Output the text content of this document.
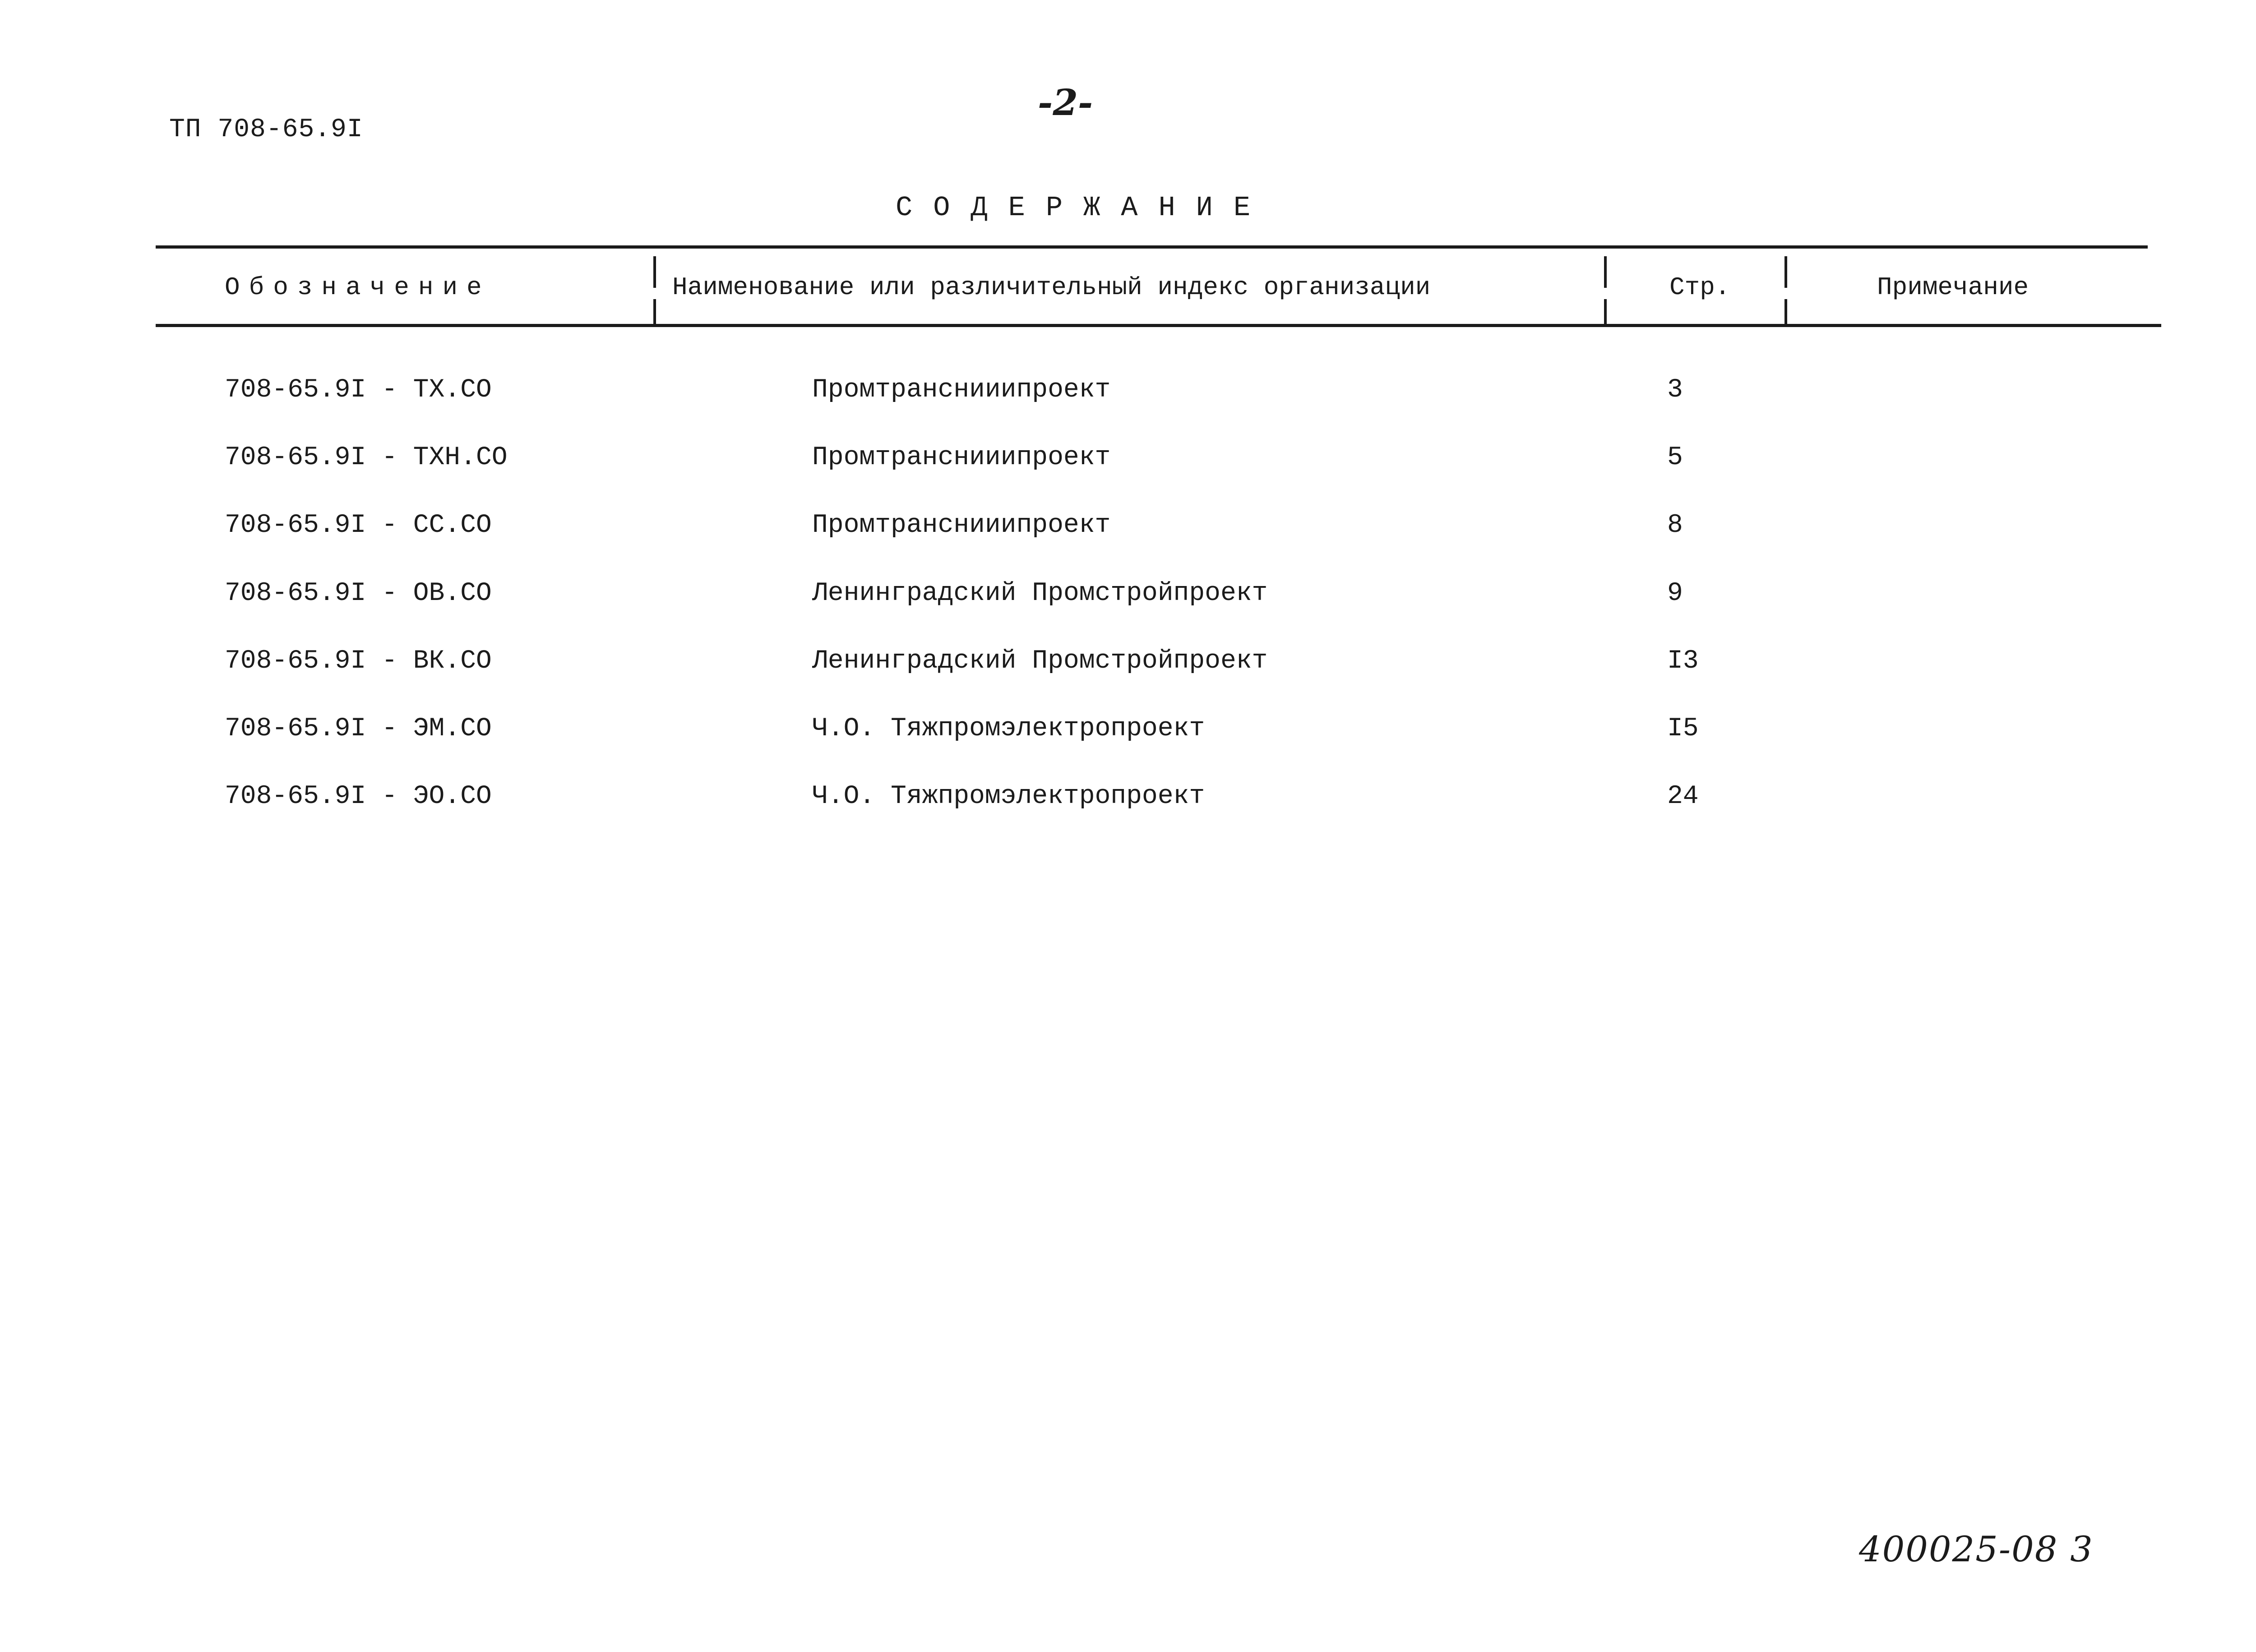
ТП 708-65.9I
-2-
СОДЕРЖАНИЕ
Обозначение	Наименование или различительный индекс организации	Стр.	Примечание
708-65.9I - ТХ.СО	Промтранснииипроект	3
708-65.9I - ТХН.СО	Промтранснииипроект	5
708-65.9I - СС.СО	Промтранснииипроект	8
708-65.9I - ОВ.СО	Ленинградский Промстройпроект	9
708-65.9I - ВК.СО	Ленинградский Промстройпроект	I3
708-65.9I - ЭМ.СО	Ч.О. Тяжпромэлектропроект	I5
708-65.9I - ЭО.СО	Ч.О. Тяжпромэлектропроект	24
400025-08 3
